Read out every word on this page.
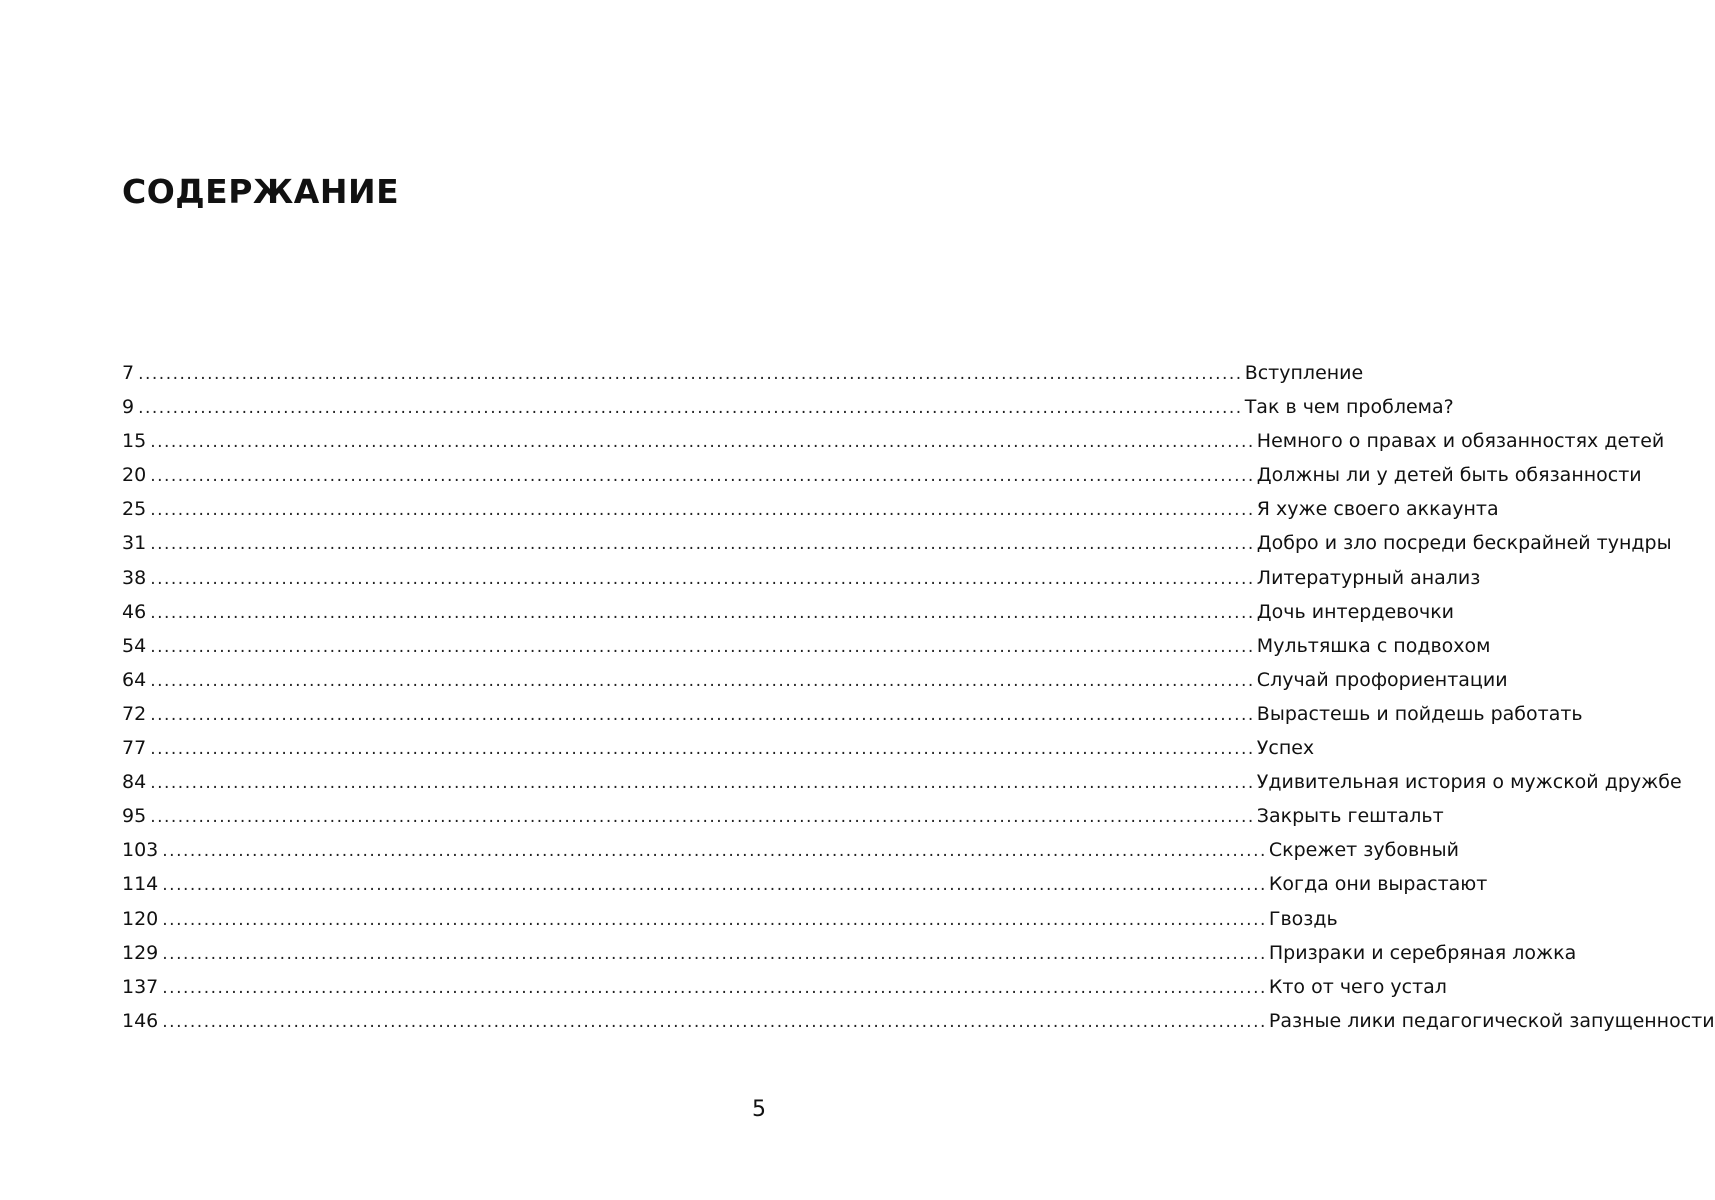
СОДЕРЖАНИЕ
7 ................................................................................................................................................................ Вступление
9 ................................................................................................................................................................ Так в чем проблема?
15 ................................................................................................................................................................ Немного о правах и обязанностях детей
20 ................................................................................................................................................................ Должны ли у детей быть обязанности
25 ................................................................................................................................................................ Я хуже своего аккаунта
31 ................................................................................................................................................................ Добро и зло посреди бескрайней тундры
38 ................................................................................................................................................................ Литературный анализ
46 ................................................................................................................................................................ Дочь интердевочки
54 ................................................................................................................................................................ Мультяшка с подвохом
64 ................................................................................................................................................................ Случай профориентации
72 ................................................................................................................................................................ Вырастешь и пойдешь работать
77 ................................................................................................................................................................ Успех
84 ................................................................................................................................................................ Удивительная история о мужской дружбе
95 ................................................................................................................................................................ Закрыть гештальт
103 ................................................................................................................................................................ Скрежет зубовный
114 ................................................................................................................................................................ Когда они вырастают
120 ................................................................................................................................................................ Гвоздь
129 ................................................................................................................................................................ Призраки и серебряная ложка
137 ................................................................................................................................................................ Кто от чего устал
146 ................................................................................................................................................................ Разные лики педагогической запущенности
5
